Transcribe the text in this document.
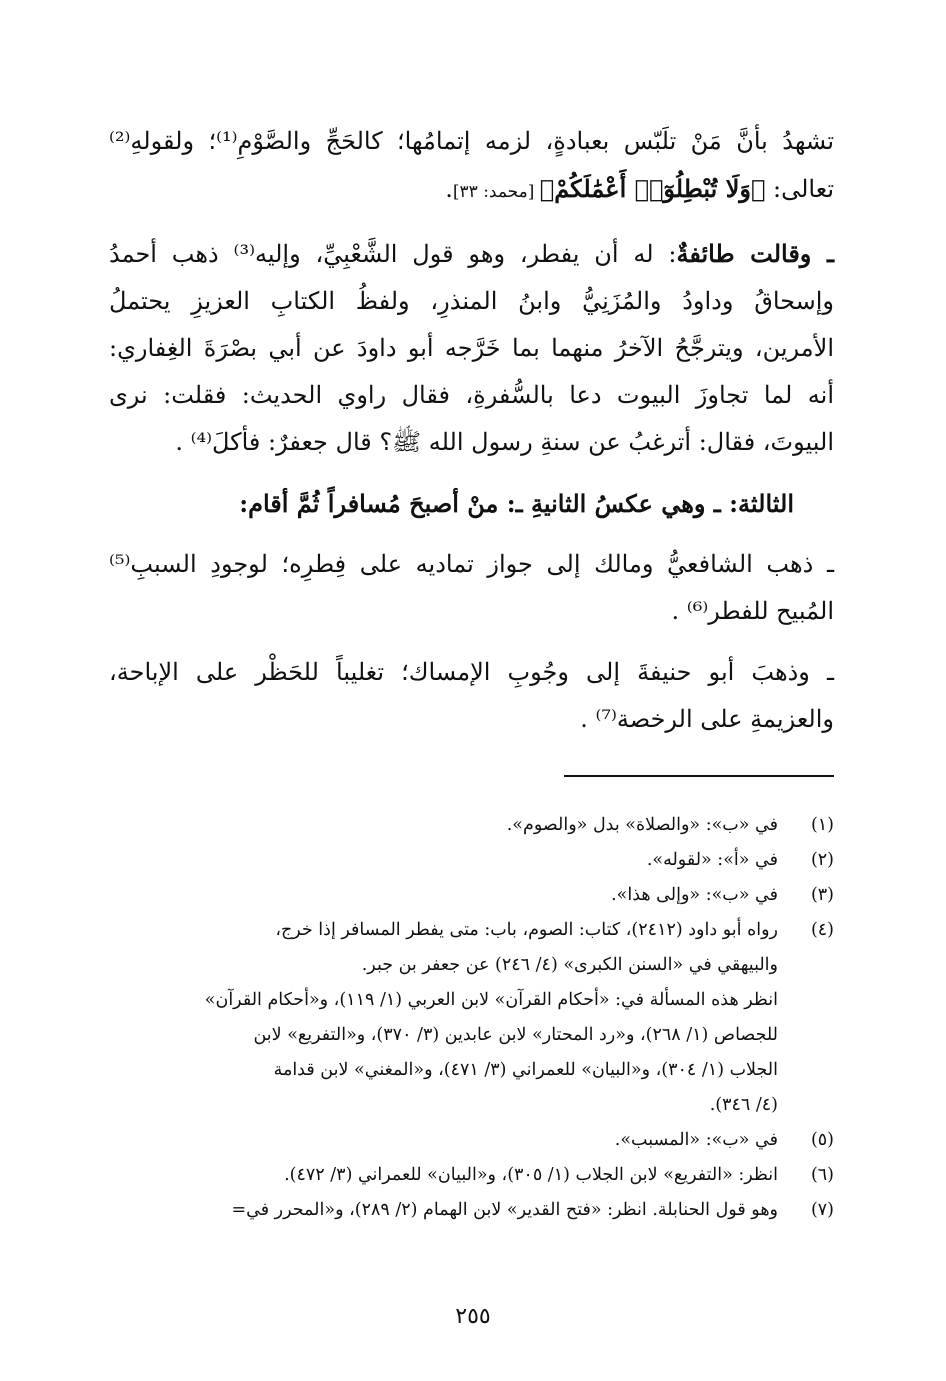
تشهدُ بأنَّ مَنْ تلَبّس بعبادةٍ، لزمه إتمامُها؛ كالحَجِّ والصَّوْمِ⁽¹⁾؛ ولقولهِ⁽²⁾
تعالى: ﴿وَلَا تُبْطِلُوٓا۟ أَعْمَٰلَكُمْ﴾ [محمد: ٣٣].

ـ وقالت طائفةٌ: له أن يفطر، وهو قول الشَّعْبِيِّ، وإليه⁽³⁾ ذهب أحمدُ
وإسحاقُ وداودُ والمُزَنِيُّ وابنُ المنذرِ، ولفظُ الكتابِ العزيزِ يحتملُ
الأمرين، ويترجَّحُ الآخرُ منهما بما خَرَّجه أبو داودَ عن أبي بصْرَةَ الغِفاري:
أنه لما تجاوزَ البيوت دعا بالسُّفرةِ، فقال راوي الحديث: فقلت: نرى
البيوتَ، فقال: أترغبُ عن سنةِ رسول الله ﷺ؟ قال جعفرٌ: فأكلَ⁽⁴⁾ .

الثالثة: ـ وهي عكسُ الثانيةِ ـ: منْ أصبحَ مُسافراً ثُمَّ أقام:

ـ ذهب الشافعيُّ ومالك إلى جواز تماديه على فِطرِه؛ لوجودِ السببِ⁽⁵⁾
المُبيح للفطر⁽⁶⁾ .

ـ وذهبَ أبو حنيفةَ إلى وجُوبِ الإمساك؛ تغليباً للحَظْر على الإباحة،
والعزيمةِ على الرخصة⁽⁷⁾ .

(١)
في «ب»: «والصلاة» بدل «والصوم».
(٢)
في «أ»: «لقوله».
(٣)
في «ب»: «وإلى هذا».
(٤)
رواه أبو داود (٢٤١٢)، كتاب: الصوم، باب: متى يفطر المسافر إذا خرج،
والبيهقي في «السنن الكبرى» (٤/ ٢٤٦) عن جعفر بن جبر.
انظر هذه المسألة في: «أحكام القرآن» لابن العربي (١/ ١١٩)، و«أحكام القرآن»
للجصاص (١/ ٢٦٨)، و«رد المحتار» لابن عابدين (٣/ ٣٧٠)، و«التفريع» لابن
الجلاب (١/ ٣٠٤)، و«البيان» للعمراني (٣/ ٤٧١)، و«المغني» لابن قدامة
(٤/ ٣٤٦).
(٥)
في «ب»: «المسبب».
(٦)
انظر: «التفريع» لابن الجلاب (١/ ٣٠٥)، و«البيان» للعمراني (٣/ ٤٧٢).
(٧)
وهو قول الحنابلة. انظر: «فتح القدير» لابن الهمام (٢/ ٢٨٩)، و«المحرر في=
٢٥٥
